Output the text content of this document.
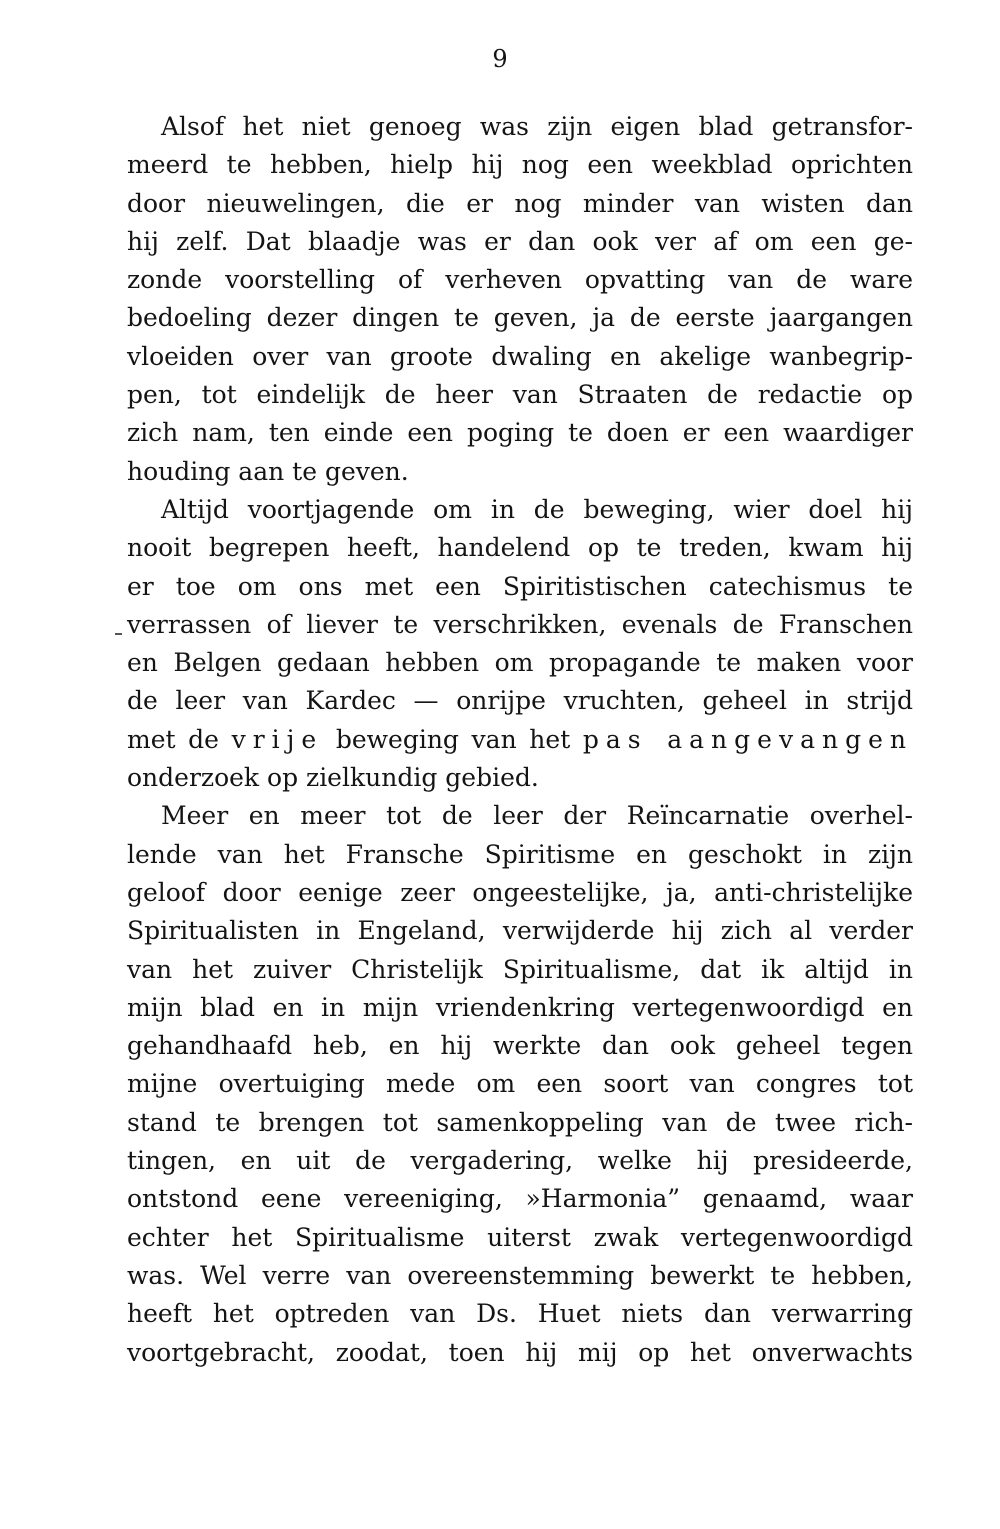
9
Alsof het niet genoeg was zijn eigen blad getransfor-
meerd te hebben, hielp hij nog een weekblad oprichten
door nieuwelingen, die er nog minder van wisten dan
hij zelf. Dat blaadje was er dan ook ver af om een ge-
zonde voorstelling of verheven opvatting van de ware
bedoeling dezer dingen te geven, ja de eerste jaargangen
vloeiden over van groote dwaling en akelige wanbegrip-
pen, tot eindelijk de heer van Straaten de redactie op
zich nam, ten einde een poging te doen er een waardiger
houding aan te geven.
Altijd voortjagende om in de beweging, wier doel hij
nooit begrepen heeft, handelend op te treden, kwam hij
er toe om ons met een Spiritistischen catechismus te
verrassen of liever te verschrikken, evenals de Franschen
en Belgen gedaan hebben om propagande te maken voor
de leer van Kardec — onrijpe vruchten, geheel in strijd
met de vrije beweging van het pas aangevangen
onderzoek op zielkundig gebied.
Meer en meer tot de leer der Reïncarnatie overhel-
lende van het Fransche Spiritisme en geschokt in zijn
geloof door eenige zeer ongeestelijke, ja, anti-christelijke
Spiritualisten in Engeland, verwijderde hij zich al verder
van het zuiver Christelijk Spiritualisme, dat ik altijd in
mijn blad en in mijn vriendenkring vertegenwoordigd en
gehandhaafd heb, en hij werkte dan ook geheel tegen
mijne overtuiging mede om een soort van congres tot
stand te brengen tot samenkoppeling van de twee rich-
tingen, en uit de vergadering, welke hij presideerde,
ontstond eene vereeniging, »Harmonia” genaamd, waar
echter het Spiritualisme uiterst zwak vertegenwoordigd
was. Wel verre van overeenstemming bewerkt te hebben,
heeft het optreden van Ds. Huet niets dan verwarring
voortgebracht, zoodat, toen hij mij op het onverwachts
